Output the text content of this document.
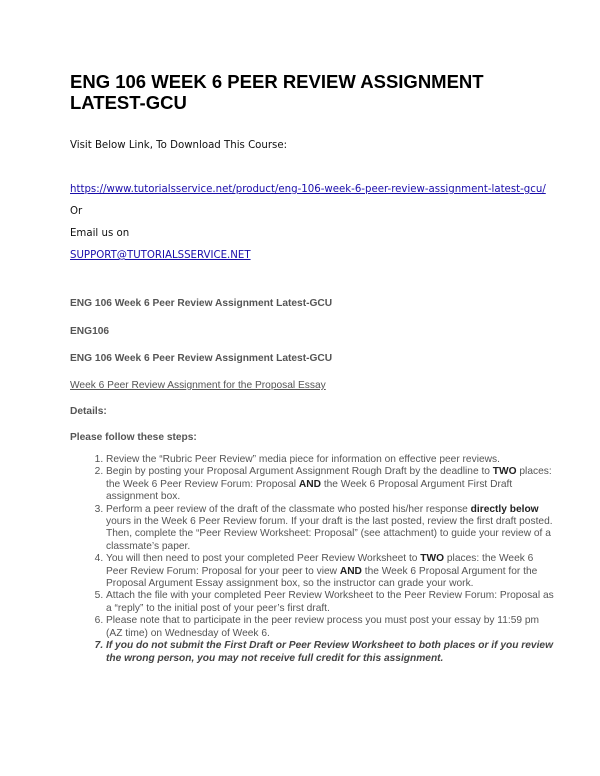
ENG 106 WEEK 6 PEER REVIEW ASSIGNMENT LATEST-GCU
Visit Below Link, To Download This Course:
https://www.tutorialsservice.net/product/eng-106-week-6-peer-review-assignment-latest-gcu/
Or
Email us on
SUPPORT@TUTORIALSSERVICE.NET
ENG 106 Week 6 Peer Review Assignment Latest-GCU
ENG106
ENG 106 Week 6 Peer Review Assignment Latest-GCU
Week 6 Peer Review Assignment for the Proposal Essay
Details:
Please follow these steps:
1. Review the “Rubric Peer Review” media piece for information on effective peer reviews.
2. Begin by posting your Proposal Argument Assignment Rough Draft by the deadline to TWO places: the Week 6 Peer Review Forum: Proposal AND the Week 6 Proposal Argument First Draft assignment box.
3. Perform a peer review of the draft of the classmate who posted his/her response directly below yours in the Week 6 Peer Review forum. If your draft is the last posted, review the first draft posted. Then, complete the “Peer Review Worksheet: Proposal” (see attachment) to guide your review of a classmate’s paper.
4. You will then need to post your completed Peer Review Worksheet to TWO places: the Week 6 Peer Review Forum: Proposal for your peer to view AND the Week 6 Proposal Argument for the Proposal Argument Essay assignment box, so the instructor can grade your work.
5. Attach the file with your completed Peer Review Worksheet to the Peer Review Forum: Proposal as a “reply” to the initial post of your peer’s first draft.
6. Please note that to participate in the peer review process you must post your essay by 11:59 pm (AZ time) on Wednesday of Week 6.
7. If you do not submit the First Draft or Peer Review Worksheet to both places or if you review the wrong person, you may not receive full credit for this assignment.
